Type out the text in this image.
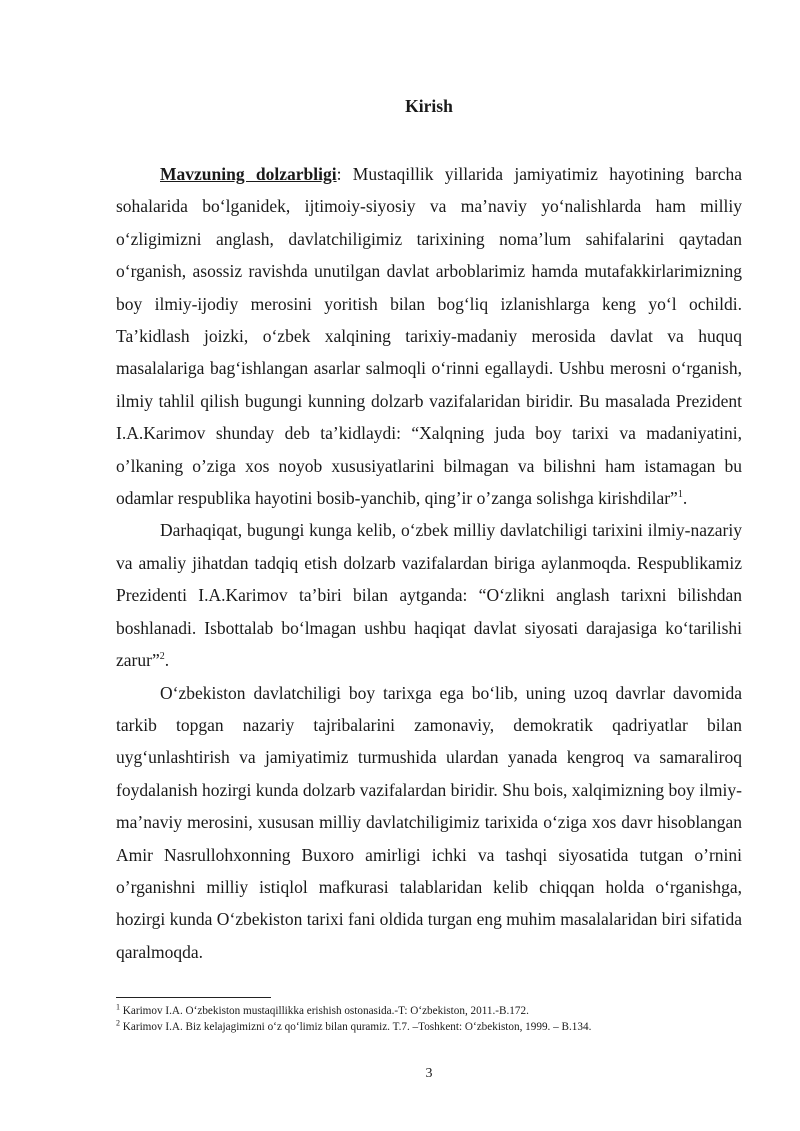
Kirish

Mavzuning dolzarbligi: Mustaqillik yillarida jamiyatimiz hayotining barcha sohalarida bo‘lganidek, ijtimoiy-siyosiy va ma’naviy yo‘nalishlarda ham milliy o‘zligimizni anglash, davlatchiligimiz tarixining noma’lum sahifalarini qaytadan o‘rganish, asossiz ravishda unutilgan davlat arboblarimiz hamda mutafakkirlarimizning boy ilmiy-ijodiy merosini yoritish bilan bog‘liq izlanishlarga keng yo‘l ochildi. Ta’kidlash joizki, o‘zbek xalqining tarixiy-madaniy merosida davlat va huquq masalalariga bag‘ishlangan asarlar salmoqli o‘rinni egallaydi. Ushbu merosni o‘rganish, ilmiy tahlil qilish bugungi kunning dolzarb vazifalaridan biridir. Bu masalada Prezident I.A.Karimov shunday deb ta’kidlaydi: “Xalqning juda boy tarixi va madaniyatini, o’lkaning o’ziga xos noyob xususiyatlarini bilmagan va bilishni ham istamagan bu odamlar respublika hayotini bosib-yanchib, qing’ir o’zanga solishga kirishdilar”$^1$.

Darhaqiqat, bugungi kunga kelib, o‘zbek milliy davlatchiligi tarixini ilmiy-nazariy va amaliy jihatdan tadqiq etish dolzarb vazifalardan biriga aylanmoqda. Respublikamiz Prezidenti I.A.Karimov ta’biri bilan aytganda: “O‘zlikni anglash tarixni bilishdan boshlanadi. Isbottalab bo‘lmagan ushbu haqiqat davlat siyosati darajasiga ko‘tarilishi zarur”$^2$.

O‘zbekiston davlatchiligi boy tarixga ega bo‘lib, uning uzoq davrlar davomida tarkib topgan nazariy tajribalarini zamonaviy, demokratik qadriyatlar bilan uyg‘unlashtirish va jamiyatimiz turmushida ulardan yanada kengroq va samaraliroq foydalanish hozirgi kunda dolzarb vazifalardan biridir. Shu bois, xalqimizning boy ilmiy-ma’naviy merosini, xususan milliy davlatchiligimiz tarixida o‘ziga xos davr hisoblangan Amir Nasrullohxonning Buxoro amirligi ichki va tashqi siyosatida tutgan o’rnini o’rganishni milliy istiqlol mafkurasi talablaridan kelib chiqqan holda o‘rganishga, hozirgi kunda O‘zbekiston tarixi fani oldida turgan eng muhim masalalaridan biri sifatida qaralmoqda.

$^1$ Karimov I.A. O‘zbekiston mustaqillikka erishish ostonasida.-T: O‘zbekiston, 2011.-B.172.
$^2$ Karimov I.A. Biz kelajagimizni o‘z qo‘limiz bilan quramiz. T.7. –Toshkent: O‘zbekiston, 1999. – B.134.
3
